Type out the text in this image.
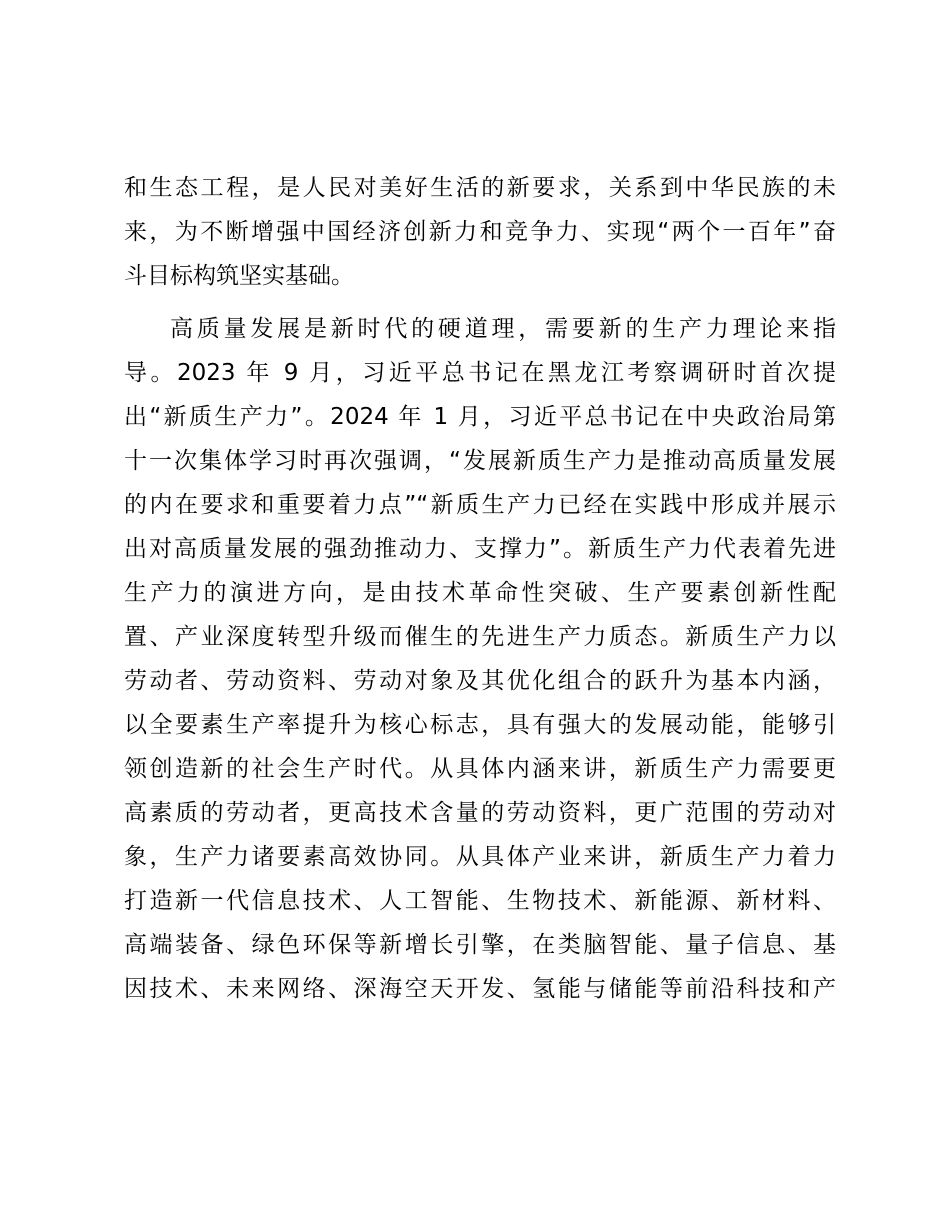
和生态工程，是人民对美好生活的新要求，关系到中华民族的未
来，为不断增强中国经济创新力和竞争力、实现“两个一百年”奋
斗目标构筑坚实基础。
高质量发展是新时代的硬道理，需要新的生产力理论来指
导。2023 年 9 月，习近平总书记在黑龙江考察调研时首次提
出“新质生产力”。2024 年 1 月，习近平总书记在中央政治局第
十一次集体学习时再次强调，“发展新质生产力是推动高质量发展
的内在要求和重要着力点”“新质生产力已经在实践中形成并展示
出对高质量发展的强劲推动力、支撑力”。新质生产力代表着先进
生产力的演进方向，是由技术革命性突破、生产要素创新性配
置、产业深度转型升级而催生的先进生产力质态。新质生产力以
劳动者、劳动资料、劳动对象及其优化组合的跃升为基本内涵，
以全要素生产率提升为核心标志，具有强大的发展动能，能够引
领创造新的社会生产时代。从具体内涵来讲，新质生产力需要更
高素质的劳动者，更高技术含量的劳动资料，更广范围的劳动对
象，生产力诸要素高效协同。从具体产业来讲，新质生产力着力
打造新一代信息技术、人工智能、生物技术、新能源、新材料、
高端装备、绿色环保等新增长引擎，在类脑智能、量子信息、基
因技术、未来网络、深海空天开发、氢能与储能等前沿科技和产
